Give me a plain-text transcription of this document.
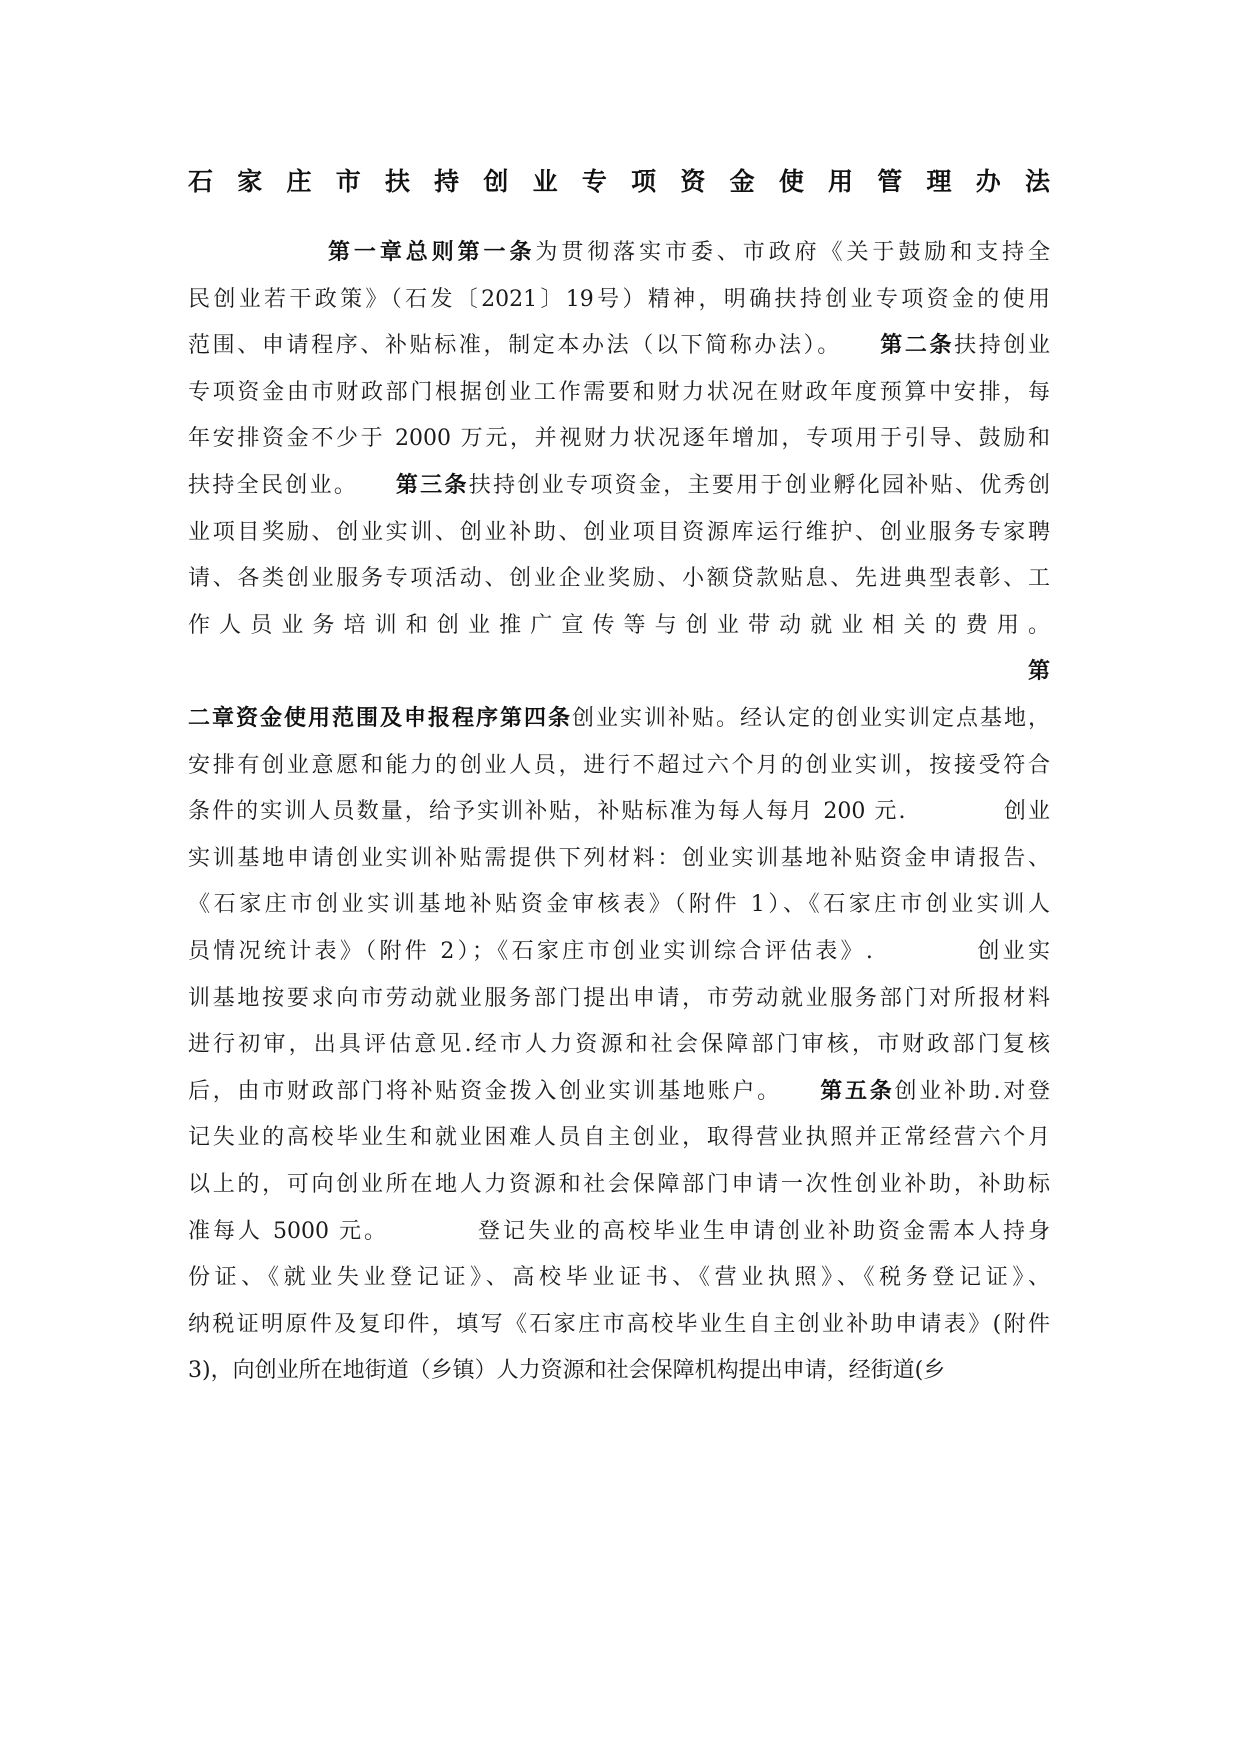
石 家 庄 市 扶 持 创 业 专 项 资 金 使 用 管 理 办 法

第一章总则第一条为贯彻落实市委、市政府《关于鼓励和支持全

民创业若干政策》（石发〔2021〕19号）精神，明确扶持创业专项资金的使用

范围、申请程序、补贴标准，制定本办法（以下简称办法）。　　第二条扶持创业

专项资金由市财政部门根据创业工作需要和财力状况在财政年度预算中安排，每

年安排资金不少于 2000 万元，并视财力状况逐年增加，专项用于引导、鼓励和

扶持全民创业。　　第三条扶持创业专项资金，主要用于创业孵化园补贴、优秀创

业项目奖励、创业实训、创业补助、创业项目资源库运行维护、创业服务专家聘

请、各类创业服务专项活动、创业企业奖励、小额贷款贴息、先进典型表彰、工

作人员业务培训和创业推广宣传等与创业带动就业相关的费用。

第

二章资金使用范围及申报程序第四条创业实训补贴。经认定的创业实训定点基地，

安排有创业意愿和能力的创业人员，进行不超过六个月的创业实训，按接受符合

条件的实训人员数量，给予实训补贴，补贴标准为每人每月 200 元.　　　　创业

实训基地申请创业实训补贴需提供下列材料：创业实训基地补贴资金申请报告、

《石家庄市创业实训基地补贴资金审核表》（附件 1）、《石家庄市创业实训人

员情况统计表》（附件 2）；《石家庄市创业实训综合评估表》.　　　　创业实

训基地按要求向市劳动就业服务部门提出申请，市劳动就业服务部门对所报材料

进行初审，出具评估意见.经市人力资源和社会保障部门审核，市财政部门复核

后，由市财政部门将补贴资金拨入创业实训基地账户。　　第五条创业补助.对登

记失业的高校毕业生和就业困难人员自主创业，取得营业执照并正常经营六个月

以上的，可向创业所在地人力资源和社会保障部门申请一次性创业补助，补助标

准每人 5000 元。　　　　登记失业的高校毕业生申请创业补助资金需本人持身

份证、《就业失业登记证》、高校毕业证书、《营业执照》、《税务登记证》、

纳税证明原件及复印件，填写《石家庄市高校毕业生自主创业补助申请表》(附件

3)，向创业所在地街道（乡镇）人力资源和社会保障机构提出申请，经街道(乡
